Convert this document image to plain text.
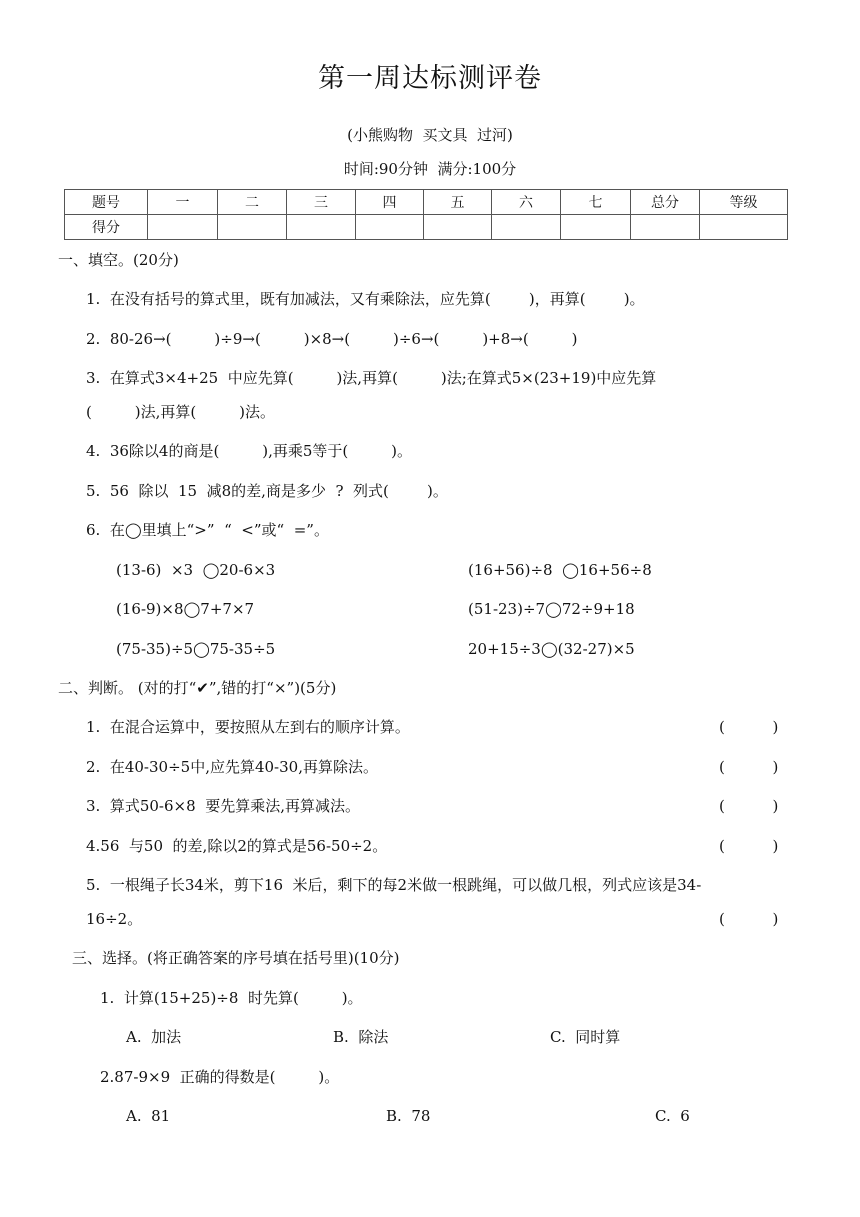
第一周达标测评卷
(小熊购物  买文具  过河)
时间:90分钟  满分:100分
题号	一	二	三	四	五	六	七	总分	等级
得分									
一、填空。(20分)
1.  在没有括号的算式里，既有加减法，又有乘除法，应先算(        )，再算(        )。
2.  80-26→(         )÷9→(         )×8→(         )÷6→(         )+8→(         )
3.  在算式3×4+25  中应先算(         )法,再算(         )法;在算式5×(23+19)中应先算
(         )法,再算(         )法。
4.  36除以4的商是(         ),再乘5等于(         )。
5.  56  除以  15  减8的差,商是多少  ?  列式(        )。
6.  在◯里填上“>”  “  <”或“  =”。
(13-6)  ×3  ◯20-6×3	(16+56)÷8  ◯16+56÷8
(16-9)×8◯7+7×7	(51-23)÷7◯72÷9+18
(75-35)÷5◯75-35÷5	20+15÷3◯(32-27)×5
二、判断。 (对的打“✔”,错的打“×”)(5分)
1.  在混合运算中，要按照从左到右的顺序计算。	(          )
2.  在40-30÷5中,应先算40-30,再算除法。	(          )
3.  算式50-6×8  要先算乘法,再算减法。	(          )
4.56  与50  的差,除以2的算式是56-50÷2。	(          )
5.  一根绳子长34米，剪下16  米后，剩下的每2米做一根跳绳，可以做几根，列式应该是34-
16÷2。	(          )
三、选择。(将正确答案的序号填在括号里)(10分)
1.  计算(15+25)÷8  时先算(         )。
A.  加法	B.  除法	C.  同时算
2.87-9×9  正确的得数是(         )。
A.  81	B.  78	C.  6
